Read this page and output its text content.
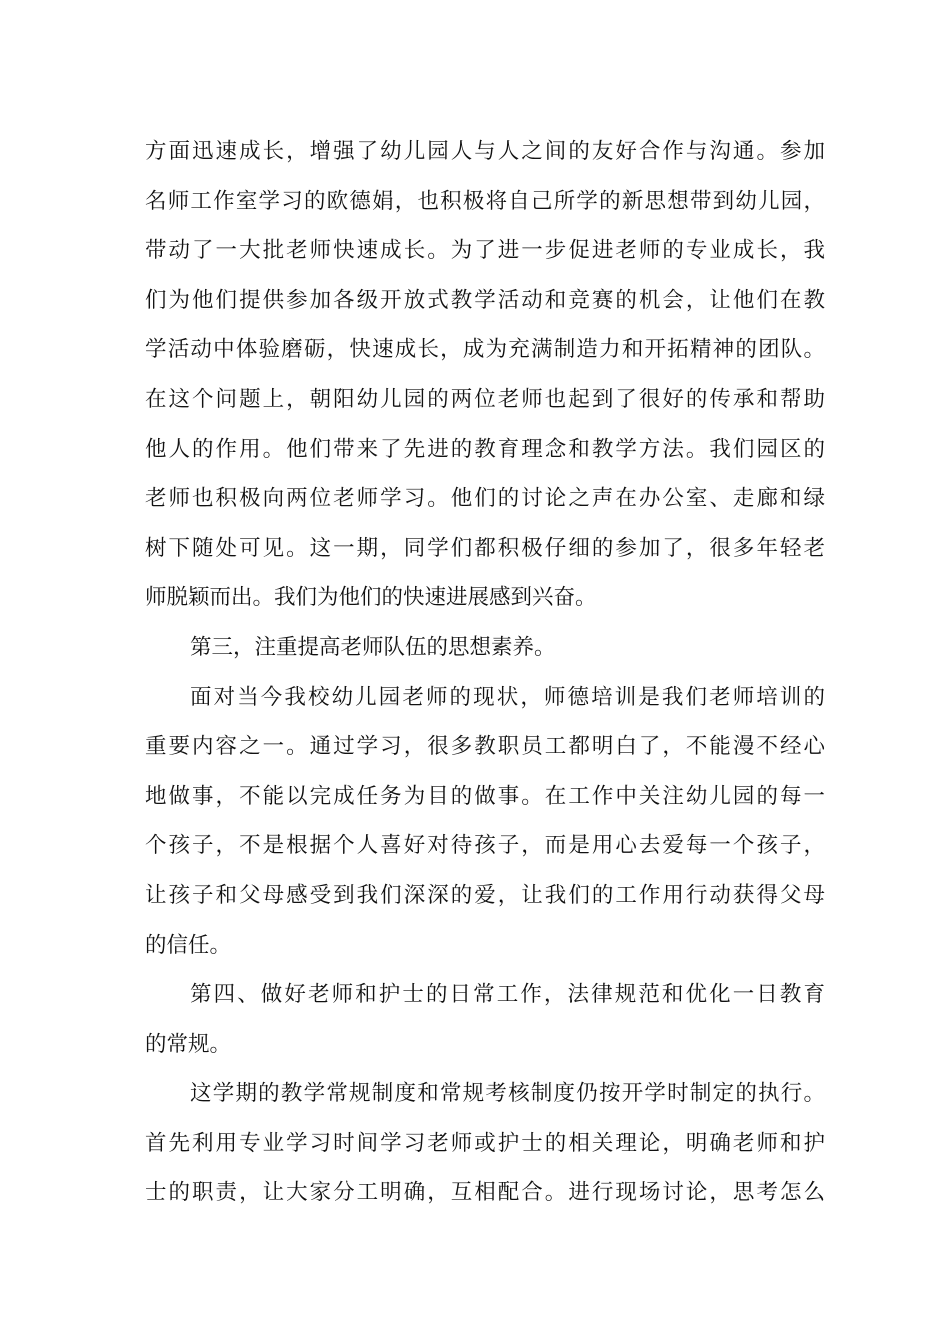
方面迅速成长，增强了幼儿园人与人之间的友好合作与沟通。参加
名师工作室学习的欧德娟，也积极将自己所学的新思想带到幼儿园，
带动了一大批老师快速成长。为了进一步促进老师的专业成长，我
们为他们提供参加各级开放式教学活动和竞赛的机会，让他们在教
学活动中体验磨砺，快速成长，成为充满制造力和开拓精神的团队。
在这个问题上，朝阳幼儿园的两位老师也起到了很好的传承和帮助
他人的作用。他们带来了先进的教育理念和教学方法。我们园区的
老师也积极向两位老师学习。他们的讨论之声在办公室、走廊和绿
树下随处可见。这一期，同学们都积极仔细的参加了，很多年轻老
师脱颖而出。我们为他们的快速进展感到兴奋。
第三，注重提高老师队伍的思想素养。
面对当今我校幼儿园老师的现状，师德培训是我们老师培训的
重要内容之一。通过学习，很多教职员工都明白了，不能漫不经心
地做事，不能以完成任务为目的做事。在工作中关注幼儿园的每一
个孩子，不是根据个人喜好对待孩子，而是用心去爱每一个孩子，
让孩子和父母感受到我们深深的爱，让我们的工作用行动获得父母
的信任。
第四、做好老师和护士的日常工作，法律规范和优化一日教育
的常规。
这学期的教学常规制度和常规考核制度仍按开学时制定的执行。
首先利用专业学习时间学习老师或护士的相关理论，明确老师和护
士的职责，让大家分工明确，互相配合。进行现场讨论，思考怎么
